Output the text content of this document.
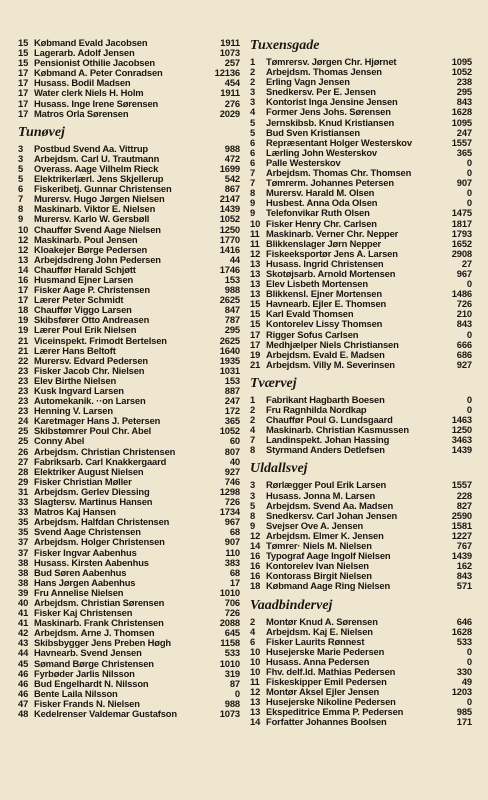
15 Købmand Evald Jacobsen	1911
15 Lagerarb. Adolf Jensen	1073
15 Pensionist Othilie Jacobsen	257
17 Købmand A. Peter Conradsen	12136
17 Husass. Bodil Madsen	454
17 Water clerk Niels H. Holm	1911
17 Husass. Inge Irene Sørensen	276
17 Matros Orla Sørensen	2029
Tunøvej
3	Postbud Svend Aa. Vittrup	988
3	Arbejdsm. Carl U. Trautmann	472
5	Overass. Aage Vilhelm Rieck	1699
5	Elektrikerlærl. Jens Skjellerup	542
6	Fiskeribetj. Gunnar Christensen	867
7	Murersv. Hugo Jørgen Nielsen	2147
8	Maskinarb. Viktor E. Nielsen	1439
9	Murersv. Karlo W. Gersbøll	1052
10 Chauffør Svend Aage Nielsen	1250
12 Maskinarb. Poul Jensen	1770
12 Kloakejer Børge Pedersen	1416
13 Arbejdsdreng John Pedersen	44
14 Chauffør Harald Schjøtt	1746
16 Husmand Ejner Larsen	153
17 Fisker Aage P. Christensen	988
17 Lærer Peter Schmidt	2625
18 Chauffør Viggo Larsen	847
19 Skibsfører Otto Andreasen	787
19 Lærer Poul Erik Nielsen	295
21 Viceinspekt. Frimodt Bertelsen	2625
21 Lærer Hans Beltoft	1640
22 Murersv. Edvard Pedersen	1935
23 Fisker Jacob Chr. Nielsen	1031
23 Elev Birthe Nielsen	153
23 Kusk Ingvard Larsen	887
23 Automekanik. ··on Larsen	247
23 Henning V. Larsen	172
24 Karetmager Hans J. Petersen	365
25 Skibstømrer Poul Chr. Abel	1052
25 Conny Abel	60
26 Arbejdsm. Christian Christensen	807
27 Fabriksarb. Carl Knakkergaard	40
28 Elektriker August Nielsen	927
29 Fisker Christian Møller	746
31 Arbejdsm. Gerlev Diessing	1298
33 Slagtersv. Martinus Hansen	726
33 Matros Kaj Hansen	1734
35 Arbejdsm. Halfdan Christensen	967
35 Svend Aage Christensen	68
37 Arbejdsm. Holger Christensen	907
37 Fisker Ingvar Aabenhus	110
38 Husass. Kirsten Aabenhus	383
38 Bud Søren Aabenhus	68
38 Hans Jørgen Aabenhus	17
39 Fru Annelise Nielsen	1010
40 Arbejdsm. Christian Sørensen	706
41 Fisker Kaj Christensen	726
41 Maskinarb. Frank Christensen	2088
42 Arbejdsm. Arne J. Thomsen	645
43 Skibsbygger Jens Preben Høgh	1158
44 Havnearb. Svend Jensen	533
45 Sømand Børge Christensen	1010
46 Fyrbøder Jarlis Nilsson	319
46 Bud Engelhardt N. Nilsson	87
46 Bente Laila Nilsson	0
47 Fisker Frands N. Nielsen	988
48 Kedelrenser Valdemar Gustafson	1073
Tuxensgade
1	Tømrersv. Jørgen Chr. Hjørnet	1095
2	Arbejdsm. Thomas Jensen	1052
2	Erling Vagn Jensen	238
3	Snedkersv. Per E. Jensen	295
3	Kontorist Inga Jensine Jensen	843
4	Former Jens Johs. Sørensen	1628
5	Jernskibsb. Knud Kristiansen	1095
5	Bud Sven Kristiansen	247
6	Repræsentant Holger Westerskov	1557
6	Lærling John Westerskov	365
6	Palle Westerskov	0
7	Arbejdsm. Thomas Chr. Thomsen	0
7	Tømrerm. Johannes Petersen	907
8	Murersv. Harald M. Olsen	0
9	Husbest. Anna Oda Olsen	0
9	Telefonvikar Ruth Olsen	1475
10 Fisker Henry Chr. Carlsen	1817
11 Maskinarb. Verner Chr. Nepper	1793
11 Blikkenslager Jørn Nepper	1652
12 Fiskeeksportør Jens A. Larsen	2908
13 Husass. Ingrid Christensen	27
13 Skotøjsarb. Arnold Mortensen	967
13 Elev Lisbeth Mortensen	0
13 Blikkensl. Ejner Mortensen	1486
15 Havnearb. Ejler E. Thomsen	726
15 Karl Evald Thomsen	210
15 Kontorelev Lissy Thomsen	843
17 Rigger Sofus Carlsen	0
17 Medhjælper Niels Christiansen	666
19 Arbejdsm. Evald E. Madsen	686
21 Arbejdsm. Villy M. Severinsen	927
Tværvej
1	Fabrikant Hagbarth Boesen	0
2	Fru Ragnhilda Nordkap	0
2	Chauffør Poul G. Lundsgaard	1463
4	Maskinarb. Christian Kasmussen	1250
7	Landinspekt. Johan Hassing	3463
8	Styrmand Anders Detlefsen	1439
Uldallsvej
3	Rørlægger Poul Erik Larsen	1557
3	Husass. Jonna M. Larsen	228
5	Arbejdsm. Svend Aa. Madsen	827
8	Snedkersv. Carl Johan Jensen	2590
9	Svejser Ove A. Jensen	1581
12 Arbejdsm. Elmer K. Jensen	1227
14 Tømrer· Niels M. Nielsen	767
16 Typograf Aage Ingolf Nielsen	1439
16 Kontorelev Ivan Nielsen	162
16 Kontorass Birgit Nielsen	843
18 Købmand Aage Ring Nielsen	571
Vaadbindervej
2	Montør Knud A. Sørensen	646
4	Arbejdsm. Kaj E. Nielsen	1628
6	Fisker Laurits Rønnest	533
10 Husejerske Marie Pedersen	0
10 Husass. Anna Pedersen	0
10 Fhv. delf.ld. Mathias Pedersen	330
11 Fiskeskipper Emil Pedersen	49
12 Montør Aksel Ejler Jensen	1203
13 Husejerske Nikoline Pedersen	0
13 Ekspeditrice Emma P. Pedersen	985
14 Forfatter Johannes Boolsen	171
